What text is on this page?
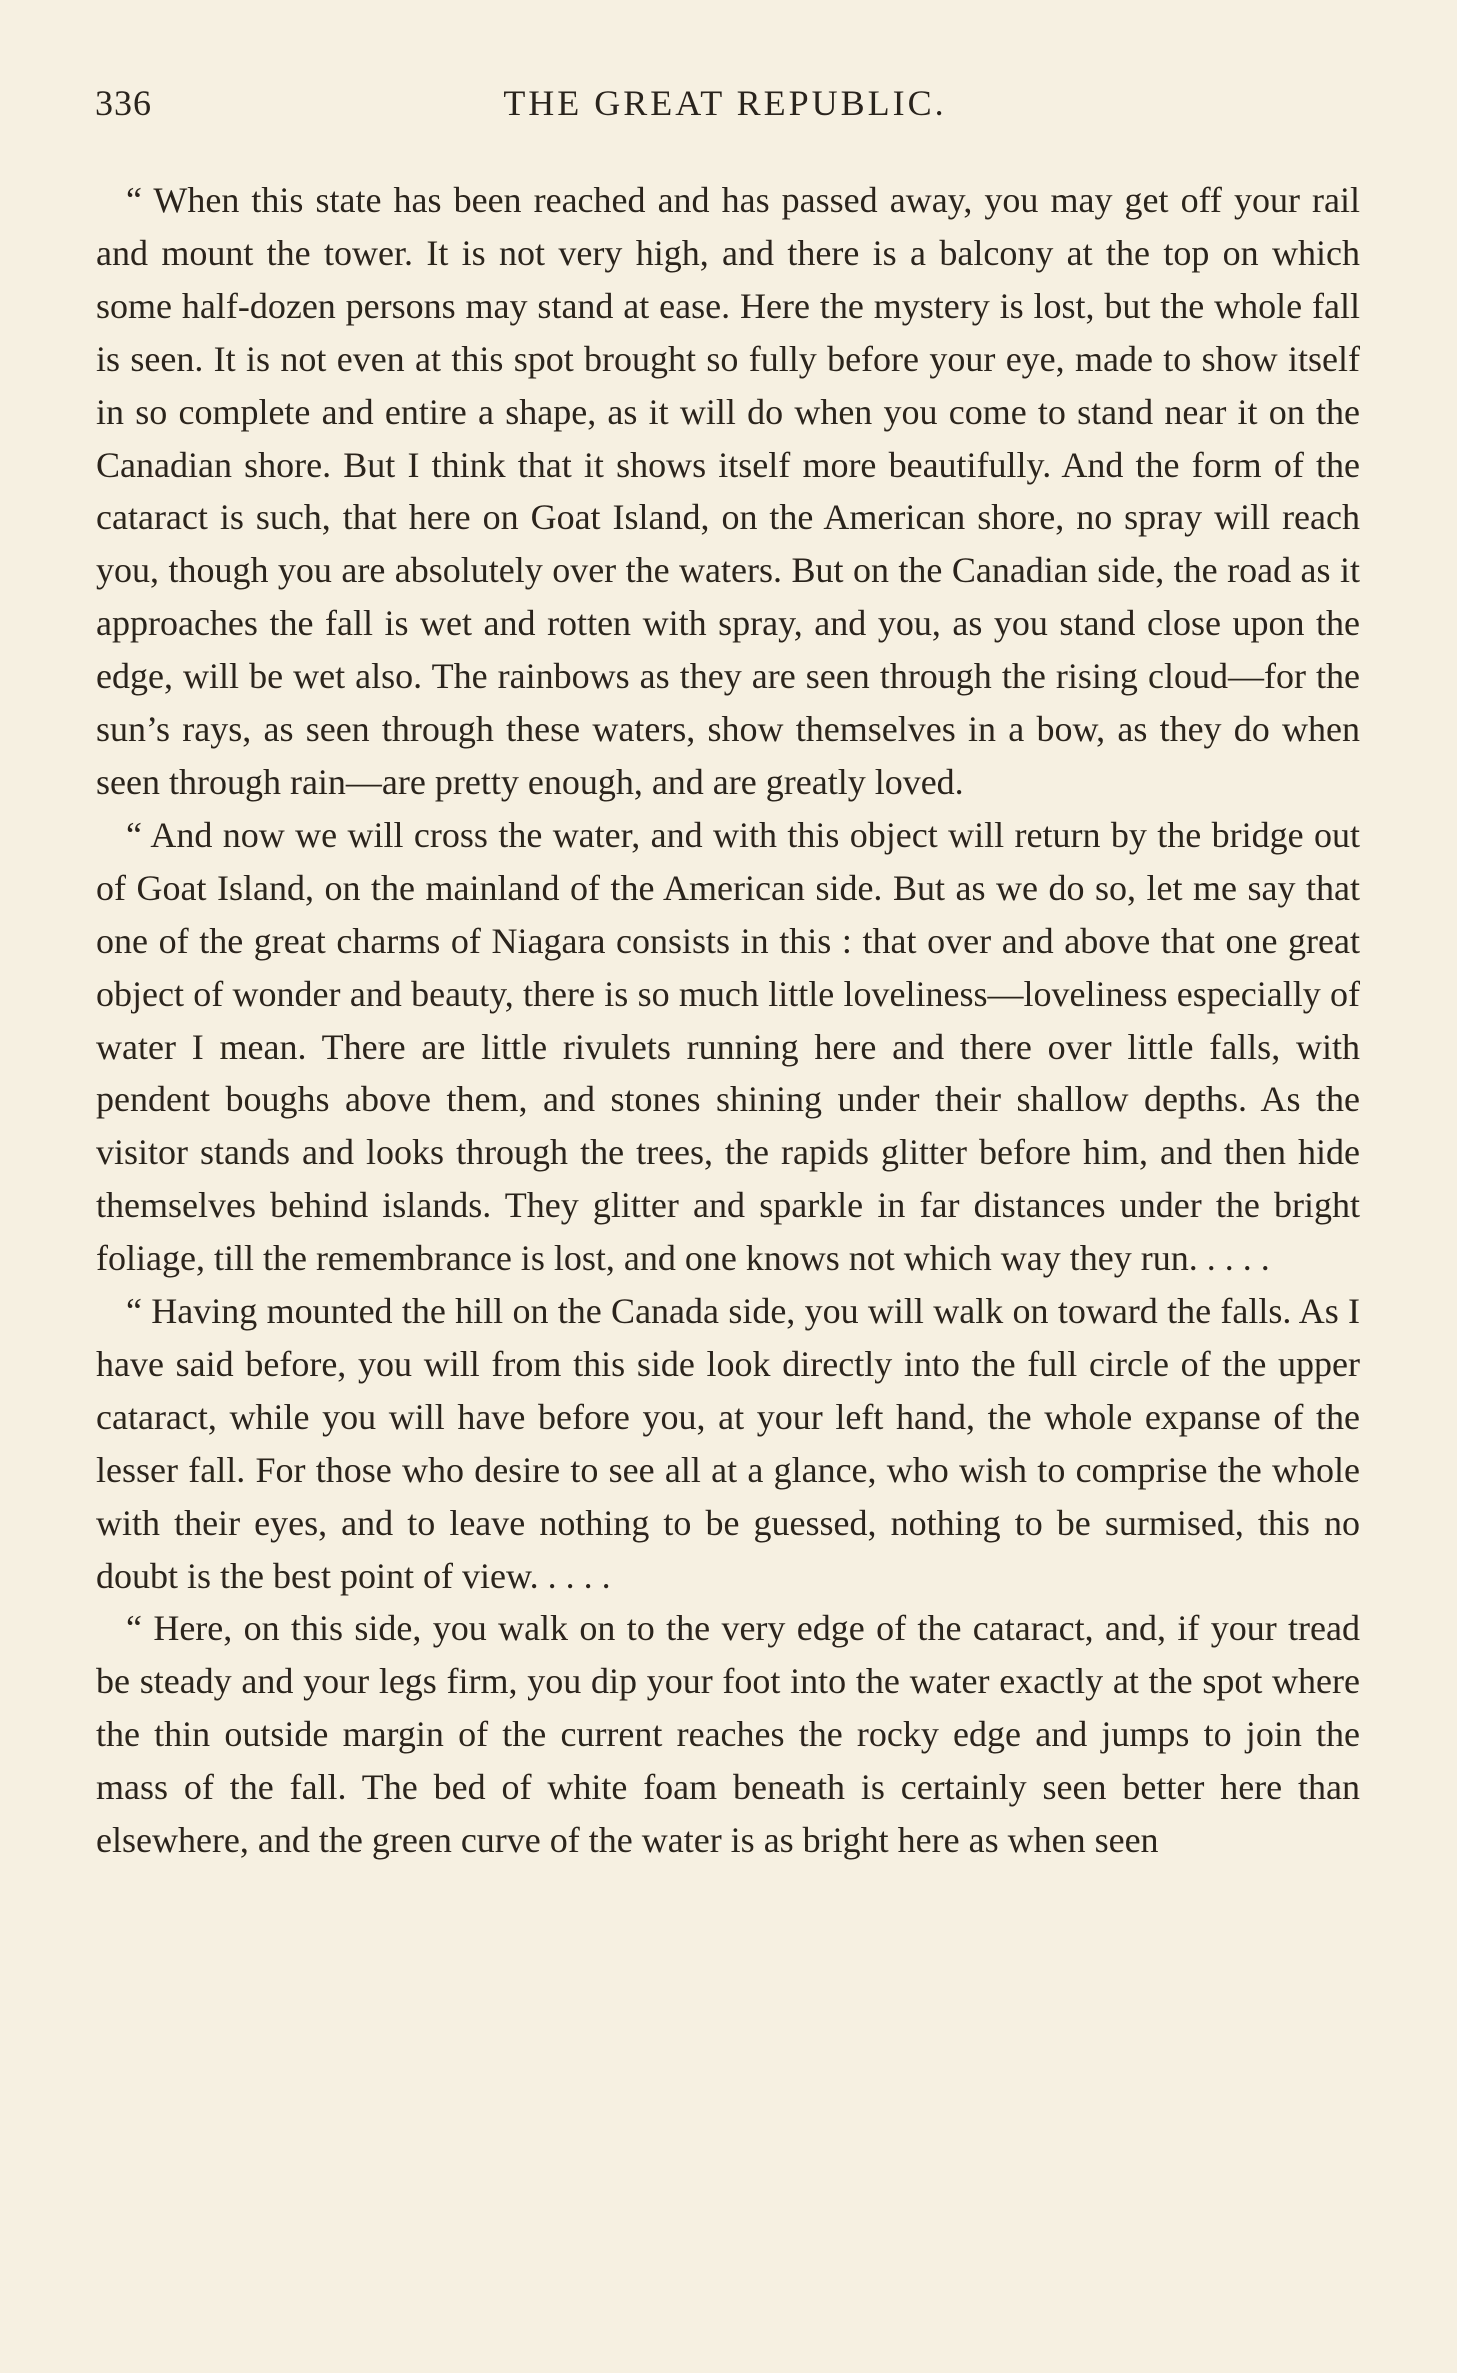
336	THE GREAT REPUBLIC.

“ When this state has been reached and has passed away, you may get off your rail and mount the tower. It is not very high, and there is a balcony at the top on which some half-dozen persons may stand at ease. Here the mystery is lost, but the whole fall is seen. It is not even at this spot brought so fully before your eye, made to show itself in so complete and entire a shape, as it will do when you come to stand near it on the Canadian shore. But I think that it shows itself more beautifully. And the form of the cataract is such, that here on Goat Island, on the American shore, no spray will reach you, though you are absolutely over the waters. But on the Canadian side, the road as it approaches the fall is wet and rotten with spray, and you, as you stand close upon the edge, will be wet also. The rainbows as they are seen through the rising cloud—for the sun’s rays, as seen through these waters, show themselves in a bow, as they do when seen through rain—are pretty enough, and are greatly loved.

“ And now we will cross the water, and with this object will return by the bridge out of Goat Island, on the mainland of the American side. But as we do so, let me say that one of the great charms of Niagara consists in this : that over and above that one great object of wonder and beauty, there is so much little loveliness—loveliness especially of water I mean. There are little rivulets running here and there over little falls, with pendent boughs above them, and stones shining under their shallow depths. As the visitor stands and looks through the trees, the rapids glitter before him, and then hide themselves behind islands. They glitter and sparkle in far distances under the bright foliage, till the remembrance is lost, and one knows not which way they run. . . . .

“ Having mounted the hill on the Canada side, you will walk on toward the falls. As I have said before, you will from this side look directly into the full circle of the upper cataract, while you will have before you, at your left hand, the whole expanse of the lesser fall. For those who desire to see all at a glance, who wish to comprise the whole with their eyes, and to leave nothing to be guessed, nothing to be surmised, this no doubt is the best point of view. . . . .

“ Here, on this side, you walk on to the very edge of the cataract, and, if your tread be steady and your legs firm, you dip your foot into the water exactly at the spot where the thin outside margin of the current reaches the rocky edge and jumps to join the mass of the fall. The bed of white foam beneath is certainly seen better here than elsewhere, and the green curve of the water is as bright here as when seen
